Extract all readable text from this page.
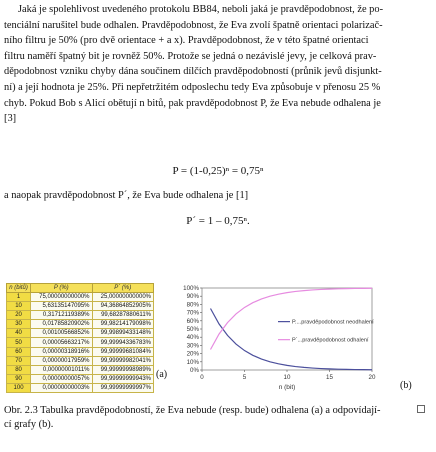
Jaká je spolehlivost uvedeného protokolu BB84, neboli jaká je pravděpodobnost, že po-
tenciální narušitel bude odhalen. Pravděpodobnost, že Eva zvolí špatně orientaci polarizač-
ního filtru je 50% (pro dvě orientace + a x). Pravděpodobnost, že v této špatné orientaci
filtru naměří špatný bit je rovněž 50%. Protože se jedná o nezávislé jevy, je celková prav-
děpodobnost vzniku chyby dána součinem dílčích pravděpodobností (průnik jevů disjunkt-
ní) a její hodnota je 25%. Při nepřetržitém odposlechu tedy Eva způsobuje v přenosu 25 %
chyb. Pokud Bob s Alicí obětují n bitů, pak pravděpodobnost P, že Eva nebude odhalena je
[3]
P = (1-0,25)ⁿ = 0,75ⁿ
a naopak pravděpodobnost P´, že Eva bude odhalena je [1]
P´ = 1 – 0,75ⁿ.
n (bitů)	P (%)	P´ (%)
1	75,00000000000%	25,00000000000%
10	5,63135147095%	94,36864852905%
20	0,31712119389%	99,68287880611%
30	0,01785820902%	99,98214179098%
40	0,00100566852%	99,99899433148%
50	0,00005663217%	99,99994336783%
60	0,00000318916%	99,99999681084%
70	0,00000017959%	99,99999982041%
80	0,00000001011%	99,99999998989%
90	0,00000000057%	99,99999999943%
100	0,00000000003%	99,99999999997%
(a)	0%
10%
20%
30%
40%
50%
60%
70%
80%
90%
100%
0	5	10	15	20
P....pravděpodobnost neodhalení
P´...pravděpodobnost odhalení
n (bit)	(b)
Obr. 2.3 Tabulka pravděpodobností, že Eva nebude (resp. bude) odhalena (a) a odpovídají-
cí grafy (b).
